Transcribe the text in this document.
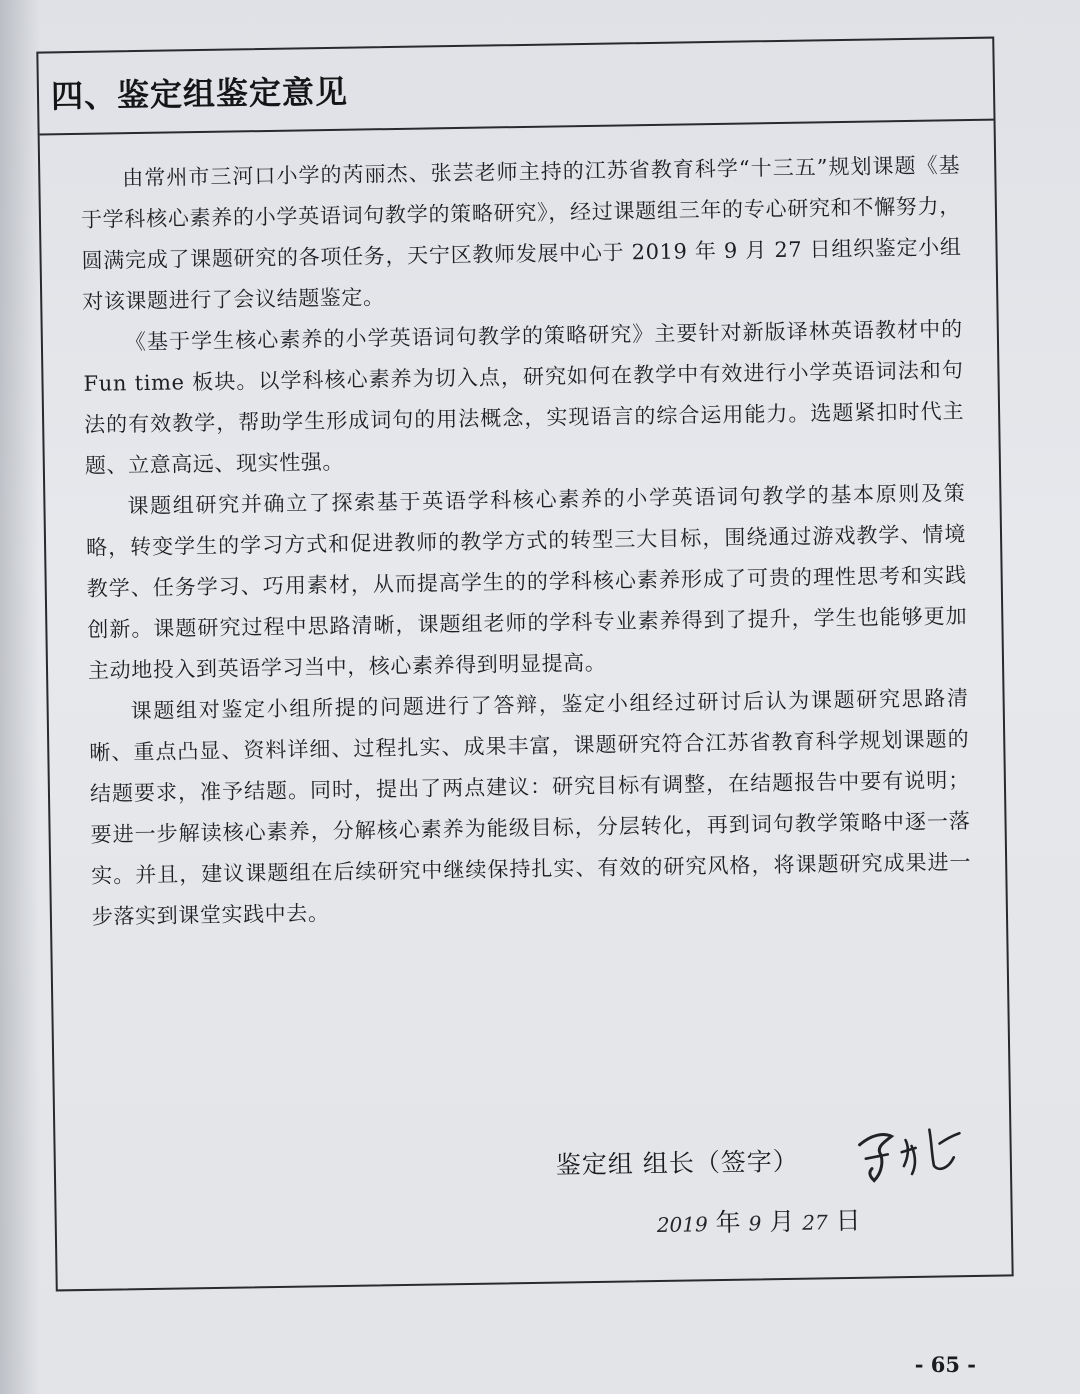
四、鉴定组鉴定意见

由常州市三河口小学的芮丽杰、张芸老师主持的江苏省教育科学“十三五”规划课题《基于学科核心素养的小学英语词句教学的策略研究》，经过课题组三年的专心研究和不懈努力，圆满完成了课题研究的各项任务，天宁区教师发展中心于 2019 年 9 月 27 日组织鉴定小组对该课题进行了会议结题鉴定。

《基于学生核心素养的小学英语词句教学的策略研究》主要针对新版译林英语教材中的 Fun time 板块。以学科核心素养为切入点，研究如何在教学中有效进行小学英语词法和句法的有效教学，帮助学生形成词句的用法概念，实现语言的综合运用能力。选题紧扣时代主题、立意高远、现实性强。

课题组研究并确立了探索基于英语学科核心素养的小学英语词句教学的基本原则及策略，转变学生的学习方式和促进教师的教学方式的转型三大目标，围绕通过游戏教学、情境教学、任务学习、巧用素材，从而提高学生的的学科核心素养形成了可贵的理性思考和实践创新。课题研究过程中思路清晰，课题组老师的学科专业素养得到了提升，学生也能够更加主动地投入到英语学习当中，核心素养得到明显提高。

课题组对鉴定小组所提的问题进行了答辩，鉴定小组经过研讨后认为课题研究思路清晰、重点凸显、资料详细、过程扎实、成果丰富，课题研究符合江苏省教育科学规划课题的结题要求，准予结题。同时，提出了两点建议：研究目标有调整，在结题报告中要有说明；要进一步解读核心素养，分解核心素养为能级目标，分层转化，再到词句教学策略中逐一落实。并且，建议课题组在后续研究中继续保持扎实、有效的研究风格，将课题研究成果进一步落实到课堂实践中去。

鉴定组 组长（签字）
2019 年 9 月 27 日
- 65 -
